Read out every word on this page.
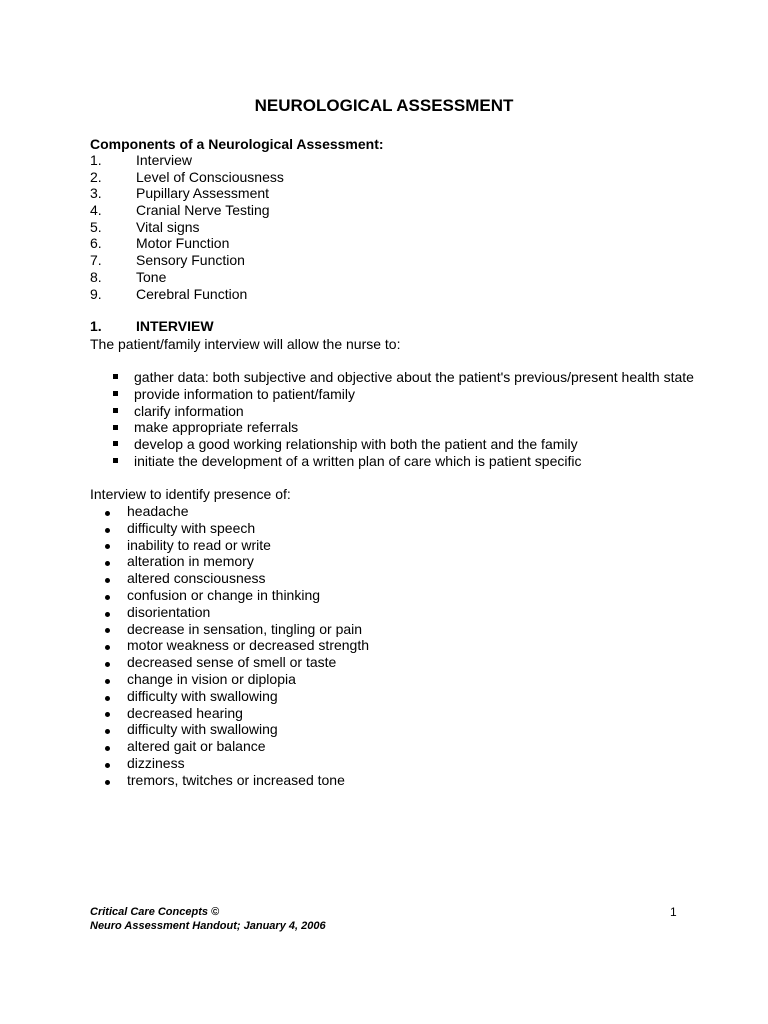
NEUROLOGICAL ASSESSMENT
Components of a Neurological Assessment:
1. Interview
2. Level of Consciousness
3. Pupillary Assessment
4. Cranial Nerve Testing
5. Vital signs
6. Motor Function
7. Sensory Function
8. Tone
9. Cerebral Function
1. INTERVIEW
The patient/family interview will allow the nurse to:
gather data: both subjective and objective about the patient's previous/present health state
provide information to patient/family
clarify information
make appropriate referrals
develop a good working relationship with both the patient and the family
initiate the development of a written plan of care which is patient specific
Interview to identify presence of:
headache
difficulty with speech
inability to read or write
alteration in memory
altered consciousness
confusion or change in thinking
disorientation
decrease in sensation, tingling or pain
motor weakness or decreased strength
decreased sense of smell or taste
change in vision or diplopia
difficulty with swallowing
decreased hearing
difficulty with swallowing
altered gait or balance
dizziness
tremors, twitches or increased tone
Critical Care Concepts ©
Neuro Assessment Handout; January 4, 2006
1
